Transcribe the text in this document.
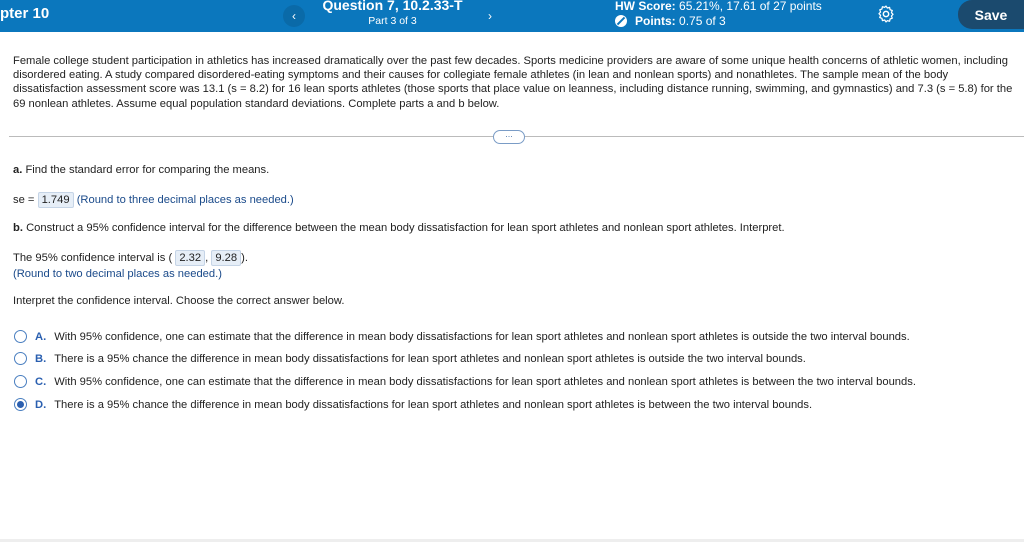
pter 10	‹
Question 7, 10.2.33-T
Part 3 of 3	›
HW Score: 65.21%, 17.61 of 27 points
Points:
0.75 of 3	Save
Female college student participation in athletics has increased dramatically over the past few decades. Sports medicine providers are aware of some unique health concerns of athletic women, including disordered eating. A study compared disordered-eating symptoms and their causes for collegiate female athletes (in lean and nonlean sports) and nonathletes. The sample mean of the body dissatisfaction assessment score was 13.1 (s = 8.2) for 16 lean sports athletes (those sports that place value on leanness, including distance running, swimming, and gymnastics) and 7.3 (s = 5.8) for the 69 nonlean athletes. Assume equal population standard deviations. Complete parts a and b below.
…
a. Find the standard error for comparing the means.
se = 1.749 (Round to three decimal places as needed.)
b. Construct a 95% confidence interval for the difference between the mean body dissatisfaction for lean sport athletes and nonlean sport athletes. Interpret.
The 95% confidence interval is ( 2.32 , 9.28 ).
(Round to two decimal places as needed.)
Interpret the confidence interval. Choose the correct answer below.
A. With 95% confidence, one can estimate that the difference in mean body dissatisfactions for lean sport athletes and nonlean sport athletes is outside the two interval bounds.
B. There is a 95% chance the difference in mean body dissatisfactions for lean sport athletes and nonlean sport athletes is outside the two interval bounds.
C. With 95% confidence, one can estimate that the difference in mean body dissatisfactions for lean sport athletes and nonlean sport athletes is between the two interval bounds.
D. There is a 95% chance the difference in mean body dissatisfactions for lean sport athletes and nonlean sport athletes is between the two interval bounds.
